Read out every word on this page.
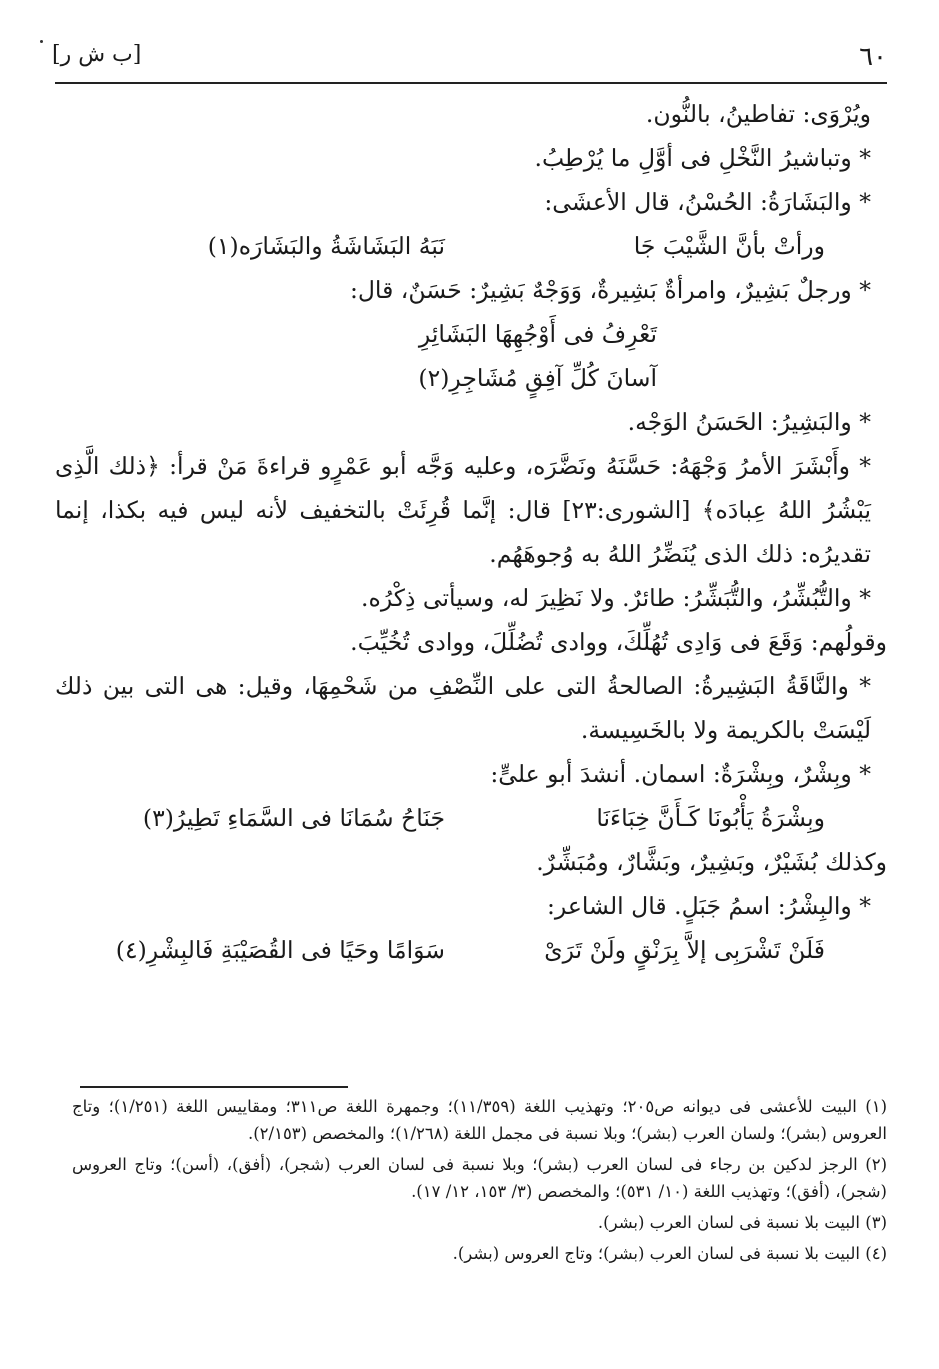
٦٠
[ب ش ر]

ويُرْوَى: تفاطينُ، بالنُّون.

* وتباشيرُ النَّخْلِ فى أوَّلِ ما يُرْطِبُ.

* والبَشَارَةُ: الحُسْنُ، قال الأعشَى:

ورأتْ بأنَّ الشَّيْبَ جَا
نَبَهُ البَشَاشَةُ والبَشَارَه(١)

* ورجلٌ بَشِيرٌ، وامرأةٌ بَشِيرةٌ، وَوَجْهٌ بَشِيرٌ: حَسَنٌ، قال:

تَعْرِفُ فى أَوْجُهِهَا البَشَائِرِ

آسانَ كُلِّ آفِقٍ مُشَاجِرِ(٢)

* والبَشِيرُ: الحَسَنُ الوَجْه.

* وأَبْشَرَ الأمرُ وَجْهَهُ: حَسَّنَهُ ونَضَّرَه، وعليه وَجَّه أبو عَمْرٍو قراءةَ مَنْ قرأ: ﴿ذلك الَّذِى يَبْشُرُ اللهُ عِبادَه﴾ [الشورى:٢٣] قال: إنَّما قُرِئَتْ بالتخفيف لأنه ليس فيه بكذا، إنما تقديرُه: ذلك الذى يُنَضِّرُ اللهُ به وُجوهَهُم.

* والتُّبُشِّرُ، والتُّبَشِّرُ: طائرٌ. ولا نَظِيرَ له، وسيأتى ذِكْرُه.

وقولُهم: وَقَعَ فى وَادِى تُهُلِّكَ، ووادى تُضُلِّلَ، ووادى تُخُيِّبَ.

* والنَّاقَةُ البَشِيرةُ: الصالحةُ التى على النِّصْفِ من شَحْمِهَا، وقيل: هى التى بين ذلك لَيْسَتْ بالكريمة ولا بالخَسِيسة.

* وبِشْرٌ، وبِشْرَةٌ: اسمان. أنشدَ أبو علىٍّ:

وبِشْرَةُ يَأْبُونَا كَـأَنَّ خِبَاءَنَا
جَنَاحُ سُمَانَا فى السَّمَاءِ تَطِيرُ(٣)

وكذلك بُشَيْرٌ، وبَشِيرٌ، وبَشَّارٌ، ومُبَشِّرٌ.

* والبِشْرُ: اسمُ جَبَلٍ. قال الشاعر:

فَلَنْ تَشْرَبِى إلاَّ بِرَنْقٍ ولَنْ تَرَىْ
سَوَامًا وحَيًا فى القُصَيْبَةِ فَالبِشْرِ(٤)

(١) البيت للأعشى فى ديوانه ص٢٠٥؛ وتهذيب اللغة (١١/٣٥٩)؛ وجمهرة اللغة ص٣١١؛ ومقاييس اللغة (١/٢٥١)؛ وتاج العروس (بشر)؛ ولسان العرب (بشر)؛ وبلا نسبة فى مجمل اللغة (١/٢٦٨)؛ والمخصص (٢/١٥٣).

(٢) الرجز لدكين بن رجاء فى لسان العرب (بشر)؛ وبلا نسبة فى لسان العرب (شجر)، (أفق)، (أسن)؛ وتاج العروس (شجر)، (أفق)؛ وتهذيب اللغة (١٠/ ٥٣١)؛ والمخصص (٣/ ١٥٣، ١٢/ ١٧).

(٣) البيت بلا نسبة فى لسان العرب (بشر).

(٤) البيت بلا نسبة فى لسان العرب (بشر)؛ وتاج العروس (بشر).
